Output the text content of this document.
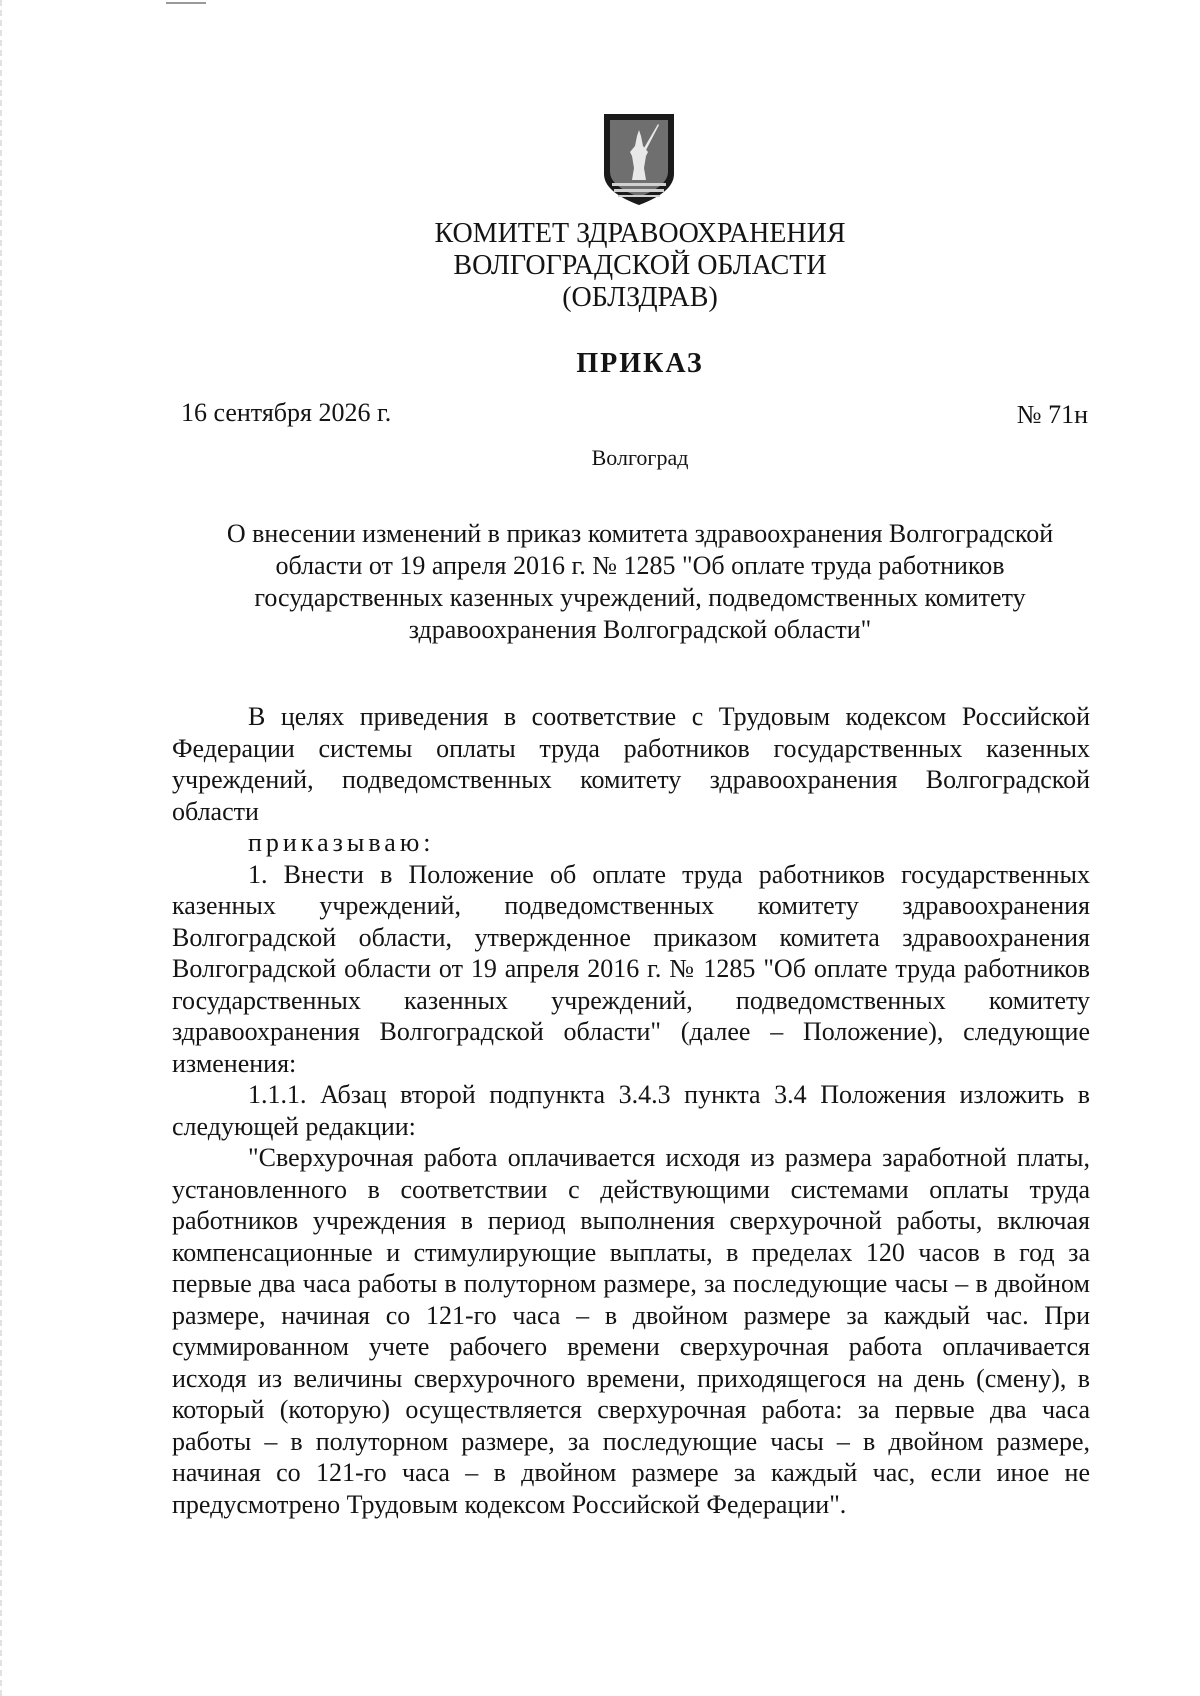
КОМИТЕТ ЗДРАВООХРАНЕНИЯ
ВОЛГОГРАДСКОЙ ОБЛАСТИ
(ОБЛЗДРАВ)
ПРИКАЗ
16 сентября 2026 г.	№ 71н
Волгоград
О внесении изменений в приказ комитета здравоохранения Волгоградской
области от 19 апреля 2016 г. № 1285 "Об оплате труда работников
государственных казенных учреждений, подведомственных комитету
здравоохранения Волгоградской области"

В целях приведения в соответствие с Трудовым кодексом Российской Федерации системы оплаты труда работников государственных казенных учреждений, подведомственных комитету здравоохранения Волгоградской области

приказываю:

1. Внести в Положение об оплате труда работников государственных казенных учреждений, подведомственных комитету здравоохранения Волгоградской области, утвержденное приказом комитета здравоохранения Волгоградской области от 19 апреля 2016 г. № 1285 "Об оплате труда работников государственных казенных учреждений, подведомственных комитету здравоохранения Волгоградской области" (далее – Положение), следующие изменения:

1.1.1. Абзац второй подпункта 3.4.3 пункта 3.4 Положения изложить в следующей редакции:

"Сверхурочная работа оплачивается исходя из размера заработной платы, установленного в соответствии с действующими системами оплаты труда работников учреждения в период выполнения сверхурочной работы, включая компенсационные и стимулирующие выплаты, в пределах 120 часов в год за первые два часа работы в полуторном размере, за последующие часы – в двойном размере, начиная со 121-го часа – в двойном размере за каждый час. При суммированном учете рабочего времени сверхурочная работа оплачивается исходя из величины сверхурочного времени, приходящегося на день (смену), в который (которую) осуществляется сверхурочная работа: за первые два часа работы – в полуторном размере, за последующие часы – в двойном размере, начиная со 121-го часа – в двойном размере за каждый час, если иное не предусмотрено Трудовым кодексом Российской Федерации".
